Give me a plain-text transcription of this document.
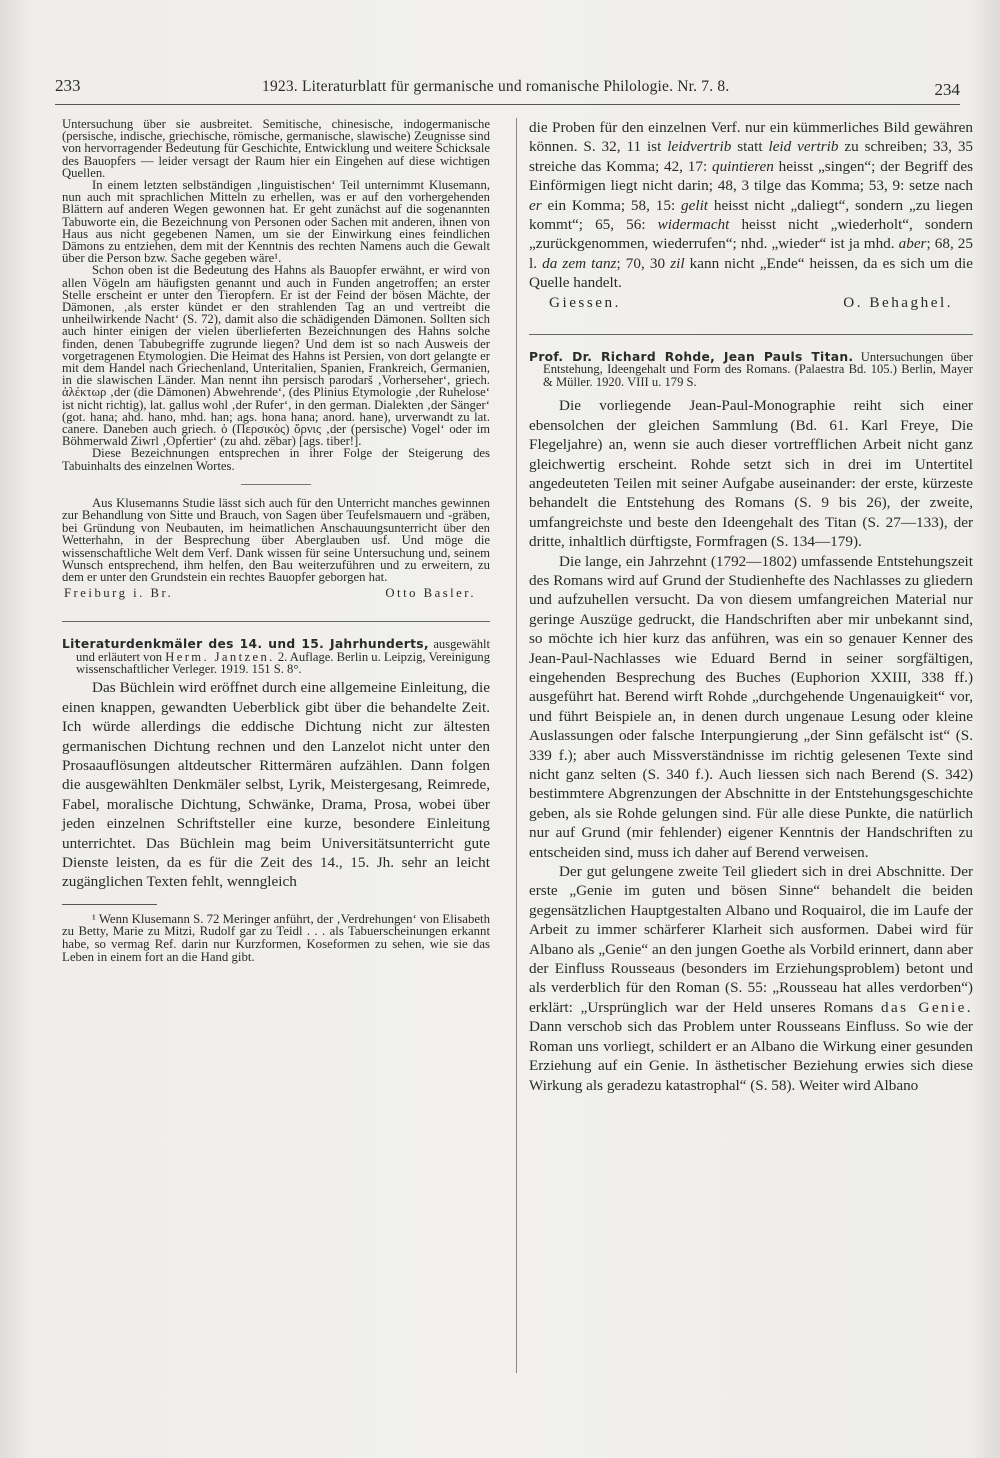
233	1923. Literaturblatt für germanische und romanische Philologie. Nr. 7. 8.	234

Untersuchung über sie ausbreitet. Semitische, chinesische, indogermanische (persische, indische, griechische, römische, germanische, slawische) Zeugnisse sind von hervorragender Bedeutung für Geschichte, Entwicklung und weitere Schicksale des Bauopfers — leider versagt der Raum hier ein Eingehen auf diese wichtigen Quellen.

In einem letzten selbständigen ‚linguistischen‘ Teil unternimmt Klusemann, nun auch mit sprachlichen Mitteln zu erhellen, was er auf den vorhergehenden Blättern auf anderen Wegen gewonnen hat. Er geht zunächst auf die sogenannten Tabuworte ein, die Bezeichnung von Personen oder Sachen mit anderen, ihnen von Haus aus nicht gegebenen Namen, um sie der Einwirkung eines feindlichen Dämons zu entziehen, dem mit der Kenntnis des rechten Namens auch die Gewalt über die Person bzw. Sache gegeben wäre¹.

Schon oben ist die Bedeutung des Hahns als Bauopfer erwähnt, er wird von allen Vögeln am häufigsten genannt und auch in Funden angetroffen; an erster Stelle erscheint er unter den Tieropfern. Er ist der Feind der bösen Mächte, der Dämonen, ‚als erster kündet er den strahlenden Tag an und vertreibt die unheilwirkende Nacht‘ (S. 72), damit also die schädigenden Dämonen. Sollten sich auch hinter einigen der vielen überlieferten Bezeichnungen des Hahns solche finden, denen Tabubegriffe zugrunde liegen? Und dem ist so nach Ausweis der vorgetragenen Etymologien. Die Heimat des Hahns ist Persien, von dort gelangte er mit dem Handel nach Griechenland, Unteritalien, Spanien, Frankreich, Germanien, in die slawischen Länder. Man nennt ihn persisch parodarš ‚Vorherseher‘, griech. ἀλέκτωρ ‚der (die Dämonen) Abwehrende‘, (des Plinius Etymologie ‚der Ruhelose‘ ist nicht richtig), lat. gallus wohl ‚der Rufer‘, in den german. Dialekten ‚der Sänger‘ (got. hana; ahd. hano, mhd. han; ags. hona hana; anord. hane), urverwandt zu lat. canere. Daneben auch griech. ὁ (Περσικὸς) ὄρνις ‚der (persische) Vogel‘ oder im Böhmerwald Ziwrl ‚Opfertier‘ (zu ahd. zëbar) [ags. tiber!].

Diese Bezeichnungen entsprechen in ihrer Folge der Steigerung des Tabuinhalts des einzelnen Wortes.

Aus Klusemanns Studie lässt sich auch für den Unterricht manches gewinnen zur Behandlung von Sitte und Brauch, von Sagen über Teufelsmauern und -gräben, bei Gründung von Neubauten, im heimatlichen Anschauungsunterricht über den Wetterhahn, in der Besprechung über Aberglauben usf. Und möge die wissenschaftliche Welt dem Verf. Dank wissen für seine Untersuchung und, seinem Wunsch entsprechend, ihm helfen, den Bau weiterzuführen und zu erweitern, zu dem er unter den Grundstein ein rechtes Bauopfer geborgen hat.

Freiburg i. Br.	Otto Basler.
Literaturdenkmäler des 14. und 15. Jahrhunderts, ausgewählt und erläutert von Herm. Jantzen. 2. Auflage. Berlin u. Leipzig, Vereinigung wissenschaftlicher Verleger. 1919. 151 S. 8°.

Das Büchlein wird eröffnet durch eine allgemeine Einleitung, die einen knappen, gewandten Ueberblick gibt über die behandelte Zeit. Ich würde allerdings die eddische Dichtung nicht zur ältesten germanischen Dichtung rechnen und den Lanzelot nicht unter den Prosaauflösungen altdeutscher Rittermären aufzählen. Dann folgen die ausgewählten Denkmäler selbst, Lyrik, Meistergesang, Reimrede, Fabel, moralische Dichtung, Schwänke, Drama, Prosa, wobei über jeden einzelnen Schriftsteller eine kurze, besondere Einleitung unterrichtet. Das Büchlein mag beim Universitätsunterricht gute Dienste leisten, da es für die Zeit des 14., 15. Jh. sehr an leicht zugänglichen Texten fehlt, wenngleich

¹ Wenn Klusemann S. 72 Meringer anführt, der ‚Verdrehungen‘ von Elisabeth zu Betty, Marie zu Mitzi, Rudolf gar zu Teidl . . . als Tabuerscheinungen erkannt habe, so vermag Ref. darin nur Kurzformen, Koseformen zu sehen, wie sie das Leben in einem fort an die Hand gibt.

die Proben für den einzelnen Verf. nur ein kümmerliches Bild gewähren können. S. 32, 11 ist leidvertrib statt leid vertrib zu schreiben; 33, 35 streiche das Komma; 42, 17: quintieren heisst „singen“; der Begriff des Einförmigen liegt nicht darin; 48, 3 tilge das Komma; 53, 9: setze nach er ein Komma; 58, 15: gelit heisst nicht „daliegt“, sondern „zu liegen kommt“; 65, 56: widermacht heisst nicht „wiederholt“, sondern „zurückgenommen, wiederrufen“; nhd. „wieder“ ist ja mhd. aber; 68, 25 l. da zem tanz; 70, 30 zil kann nicht „Ende“ heissen, da es sich um die Quelle handelt.

Giessen.	O. Behaghel.
Prof. Dr. Richard Rohde, Jean Pauls Titan. Untersuchungen über Entstehung, Ideengehalt und Form des Romans. (Palaestra Bd. 105.) Berlin, Mayer & Müller. 1920. VIII u. 179 S.

Die vorliegende Jean-Paul-Monographie reiht sich einer ebensolchen der gleichen Sammlung (Bd. 61. Karl Freye, Die Flegeljahre) an, wenn sie auch dieser vortrefflichen Arbeit nicht ganz gleichwertig erscheint. Rohde setzt sich in drei im Untertitel angedeuteten Teilen mit seiner Aufgabe auseinander: der erste, kürzeste behandelt die Entstehung des Romans (S. 9 bis 26), der zweite, umfangreichste und beste den Ideengehalt des Titan (S. 27—133), der dritte, inhaltlich dürftigste, Formfragen (S. 134—179).

Die lange, ein Jahrzehnt (1792—1802) umfassende Entstehungszeit des Romans wird auf Grund der Studienhefte des Nachlasses zu gliedern und aufzuhellen versucht. Da von diesem umfangreichen Material nur geringe Auszüge gedruckt, die Handschriften aber mir unbekannt sind, so möchte ich hier kurz das anführen, was ein so genauer Kenner des Jean-Paul-Nachlasses wie Eduard Bernd in seiner sorgfältigen, eingehenden Besprechung des Buches (Euphorion XXIII, 338 ff.) ausgeführt hat. Berend wirft Rohde „durchgehende Ungenauigkeit“ vor, und führt Beispiele an, in denen durch ungenaue Lesung oder kleine Auslassungen oder falsche Interpungierung „der Sinn gefälscht ist“ (S. 339 f.); aber auch Missverständnisse im richtig gelesenen Texte sind nicht ganz selten (S. 340 f.). Auch liessen sich nach Berend (S. 342) bestimmtere Abgrenzungen der Abschnitte in der Entstehungsgeschichte geben, als sie Rohde gelungen sind. Für alle diese Punkte, die natürlich nur auf Grund (mir fehlender) eigener Kenntnis der Handschriften zu entscheiden sind, muss ich daher auf Berend verweisen.

Der gut gelungene zweite Teil gliedert sich in drei Abschnitte. Der erste „Genie im guten und bösen Sinne“ behandelt die beiden gegensätzlichen Hauptgestalten Albano und Roquairol, die im Laufe der Arbeit zu immer schärferer Klarheit sich ausformen. Dabei wird für Albano als „Genie“ an den jungen Goethe als Vorbild erinnert, dann aber der Einfluss Rousseaus (besonders im Erziehungsproblem) betont und als verderblich für den Roman (S. 55: „Rousseau hat alles verdorben“) erklärt: „Ursprünglich war der Held unseres Romans das Genie. Dann verschob sich das Problem unter Rousseans Einfluss. So wie der Roman uns vorliegt, schildert er an Albano die Wirkung einer gesunden Erziehung auf ein Genie. In ästhetischer Beziehung erwies sich diese Wirkung als geradezu katastrophal“ (S. 58). Weiter wird Albano
